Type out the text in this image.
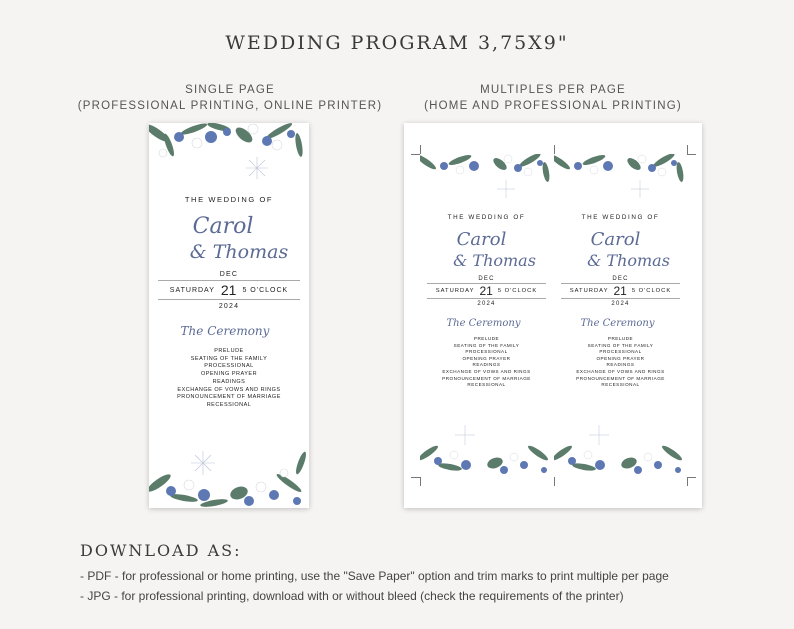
WEDDING PROGRAM 3,75X9"
SINGLE PAGE
(PROFESSIONAL PRINTING, ONLINE PRINTER)
MULTIPLES PER PAGE
(HOME AND PROFESSIONAL PRINTING)
THE WEDDING OF
Carol
& Thomas
DEC
SATURDAY 21 5 O'CLOCK
2024
The Ceremony
PRELUDE
SEATING OF THE FAMILY
PROCESSIONAL
OPENING PRAYER
READINGS
EXCHANGE OF VOWS AND RINGS
PRONOUNCEMENT OF MARRIAGE
RECESSIONAL
THE WEDDING OF
Carol
& Thomas
DEC
SATURDAY 21 5 O'CLOCK
2024
The Ceremony
PRELUDE
SEATING OF THE FAMILY
PROCESSIONAL
OPENING PRAYER
READINGS
EXCHANGE OF VOWS AND RINGS
PRONOUNCEMENT OF MARRIAGE
RECESSIONAL
THE WEDDING OF
Carol
& Thomas
DEC
SATURDAY 21 5 O'CLOCK
2024
The Ceremony
PRELUDE
SEATING OF THE FAMILY
PROCESSIONAL
OPENING PRAYER
READINGS
EXCHANGE OF VOWS AND RINGS
PRONOUNCEMENT OF MARRIAGE
RECESSIONAL
DOWNLOAD AS:
- PDF - for professional or home printing, use the "Save Paper" option and trim marks to print multiple per page
- JPG - for professional printing, download with or without bleed (check the requirements of the printer)
